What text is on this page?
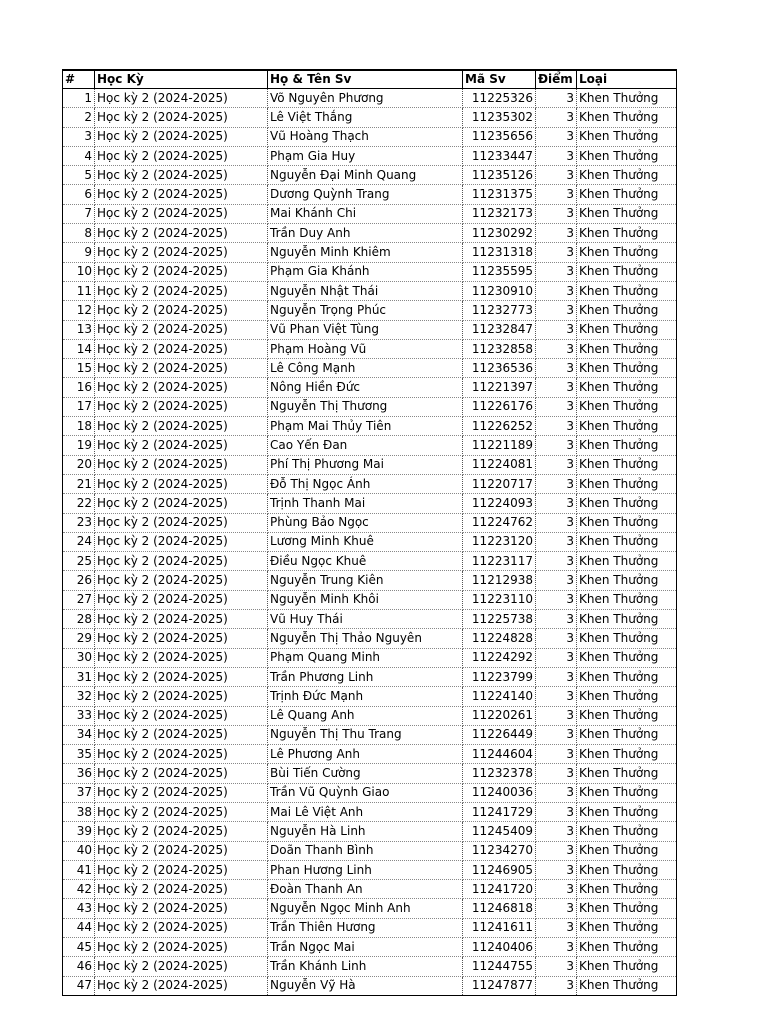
#	Học Kỳ	Họ & Tên Sv	Mã Sv	Điểm	Loại
1	Học kỳ 2 (2024-2025)	Võ Nguyên Phương	11225326	3	Khen Thưởng
2	Học kỳ 2 (2024-2025)	Lê Việt Thắng	11235302	3	Khen Thưởng
3	Học kỳ 2 (2024-2025)	Vũ Hoàng Thạch	11235656	3	Khen Thưởng
4	Học kỳ 2 (2024-2025)	Phạm Gia Huy	11233447	3	Khen Thưởng
5	Học kỳ 2 (2024-2025)	Nguyễn Đại Minh Quang	11235126	3	Khen Thưởng
6	Học kỳ 2 (2024-2025)	Dương Quỳnh Trang	11231375	3	Khen Thưởng
7	Học kỳ 2 (2024-2025)	Mai Khánh Chi	11232173	3	Khen Thưởng
8	Học kỳ 2 (2024-2025)	Trần Duy Anh	11230292	3	Khen Thưởng
9	Học kỳ 2 (2024-2025)	Nguyễn Minh Khiêm	11231318	3	Khen Thưởng
10	Học kỳ 2 (2024-2025)	Phạm Gia Khánh	11235595	3	Khen Thưởng
11	Học kỳ 2 (2024-2025)	Nguyễn Nhật Thái	11230910	3	Khen Thưởng
12	Học kỳ 2 (2024-2025)	Nguyễn Trọng Phúc	11232773	3	Khen Thưởng
13	Học kỳ 2 (2024-2025)	Vũ Phan Việt Tùng	11232847	3	Khen Thưởng
14	Học kỳ 2 (2024-2025)	Phạm Hoàng Vũ	11232858	3	Khen Thưởng
15	Học kỳ 2 (2024-2025)	Lê Công Mạnh	11236536	3	Khen Thưởng
16	Học kỳ 2 (2024-2025)	Nông Hiền Đức	11221397	3	Khen Thưởng
17	Học kỳ 2 (2024-2025)	Nguyễn Thị Thương	11226176	3	Khen Thưởng
18	Học kỳ 2 (2024-2025)	Phạm Mai Thủy Tiên	11226252	3	Khen Thưởng
19	Học kỳ 2 (2024-2025)	Cao Yến Đan	11221189	3	Khen Thưởng
20	Học kỳ 2 (2024-2025)	Phí Thị Phương Mai	11224081	3	Khen Thưởng
21	Học kỳ 2 (2024-2025)	Đỗ Thị Ngọc Ánh	11220717	3	Khen Thưởng
22	Học kỳ 2 (2024-2025)	Trịnh Thanh Mai	11224093	3	Khen Thưởng
23	Học kỳ 2 (2024-2025)	Phùng Bảo Ngọc	11224762	3	Khen Thưởng
24	Học kỳ 2 (2024-2025)	Lương Minh Khuê	11223120	3	Khen Thưởng
25	Học kỳ 2 (2024-2025)	Điều Ngọc Khuê	11223117	3	Khen Thưởng
26	Học kỳ 2 (2024-2025)	Nguyễn Trung Kiên	11212938	3	Khen Thưởng
27	Học kỳ 2 (2024-2025)	Nguyễn Minh Khôi	11223110	3	Khen Thưởng
28	Học kỳ 2 (2024-2025)	Vũ Huy Thái	11225738	3	Khen Thưởng
29	Học kỳ 2 (2024-2025)	Nguyễn Thị Thảo Nguyên	11224828	3	Khen Thưởng
30	Học kỳ 2 (2024-2025)	Phạm Quang Minh	11224292	3	Khen Thưởng
31	Học kỳ 2 (2024-2025)	Trần Phương Linh	11223799	3	Khen Thưởng
32	Học kỳ 2 (2024-2025)	Trịnh Đức Mạnh	11224140	3	Khen Thưởng
33	Học kỳ 2 (2024-2025)	Lê Quang Anh	11220261	3	Khen Thưởng
34	Học kỳ 2 (2024-2025)	Nguyễn Thị Thu Trang	11226449	3	Khen Thưởng
35	Học kỳ 2 (2024-2025)	Lê Phương Anh	11244604	3	Khen Thưởng
36	Học kỳ 2 (2024-2025)	Bùi Tiến Cường	11232378	3	Khen Thưởng
37	Học kỳ 2 (2024-2025)	Trần Vũ Quỳnh Giao	11240036	3	Khen Thưởng
38	Học kỳ 2 (2024-2025)	Mai Lê Việt Anh	11241729	3	Khen Thưởng
39	Học kỳ 2 (2024-2025)	Nguyễn Hà Linh	11245409	3	Khen Thưởng
40	Học kỳ 2 (2024-2025)	Doãn Thanh Bình	11234270	3	Khen Thưởng
41	Học kỳ 2 (2024-2025)	Phan Hương Linh	11246905	3	Khen Thưởng
42	Học kỳ 2 (2024-2025)	Đoàn Thanh An	11241720	3	Khen Thưởng
43	Học kỳ 2 (2024-2025)	Nguyễn Ngọc Minh Anh	11246818	3	Khen Thưởng
44	Học kỳ 2 (2024-2025)	Trần Thiên Hương	11241611	3	Khen Thưởng
45	Học kỳ 2 (2024-2025)	Trần Ngọc Mai	11240406	3	Khen Thưởng
46	Học kỳ 2 (2024-2025)	Trần Khánh Linh	11244755	3	Khen Thưởng
47	Học kỳ 2 (2024-2025)	Nguyễn Vỹ Hà	11247877	3	Khen Thưởng
